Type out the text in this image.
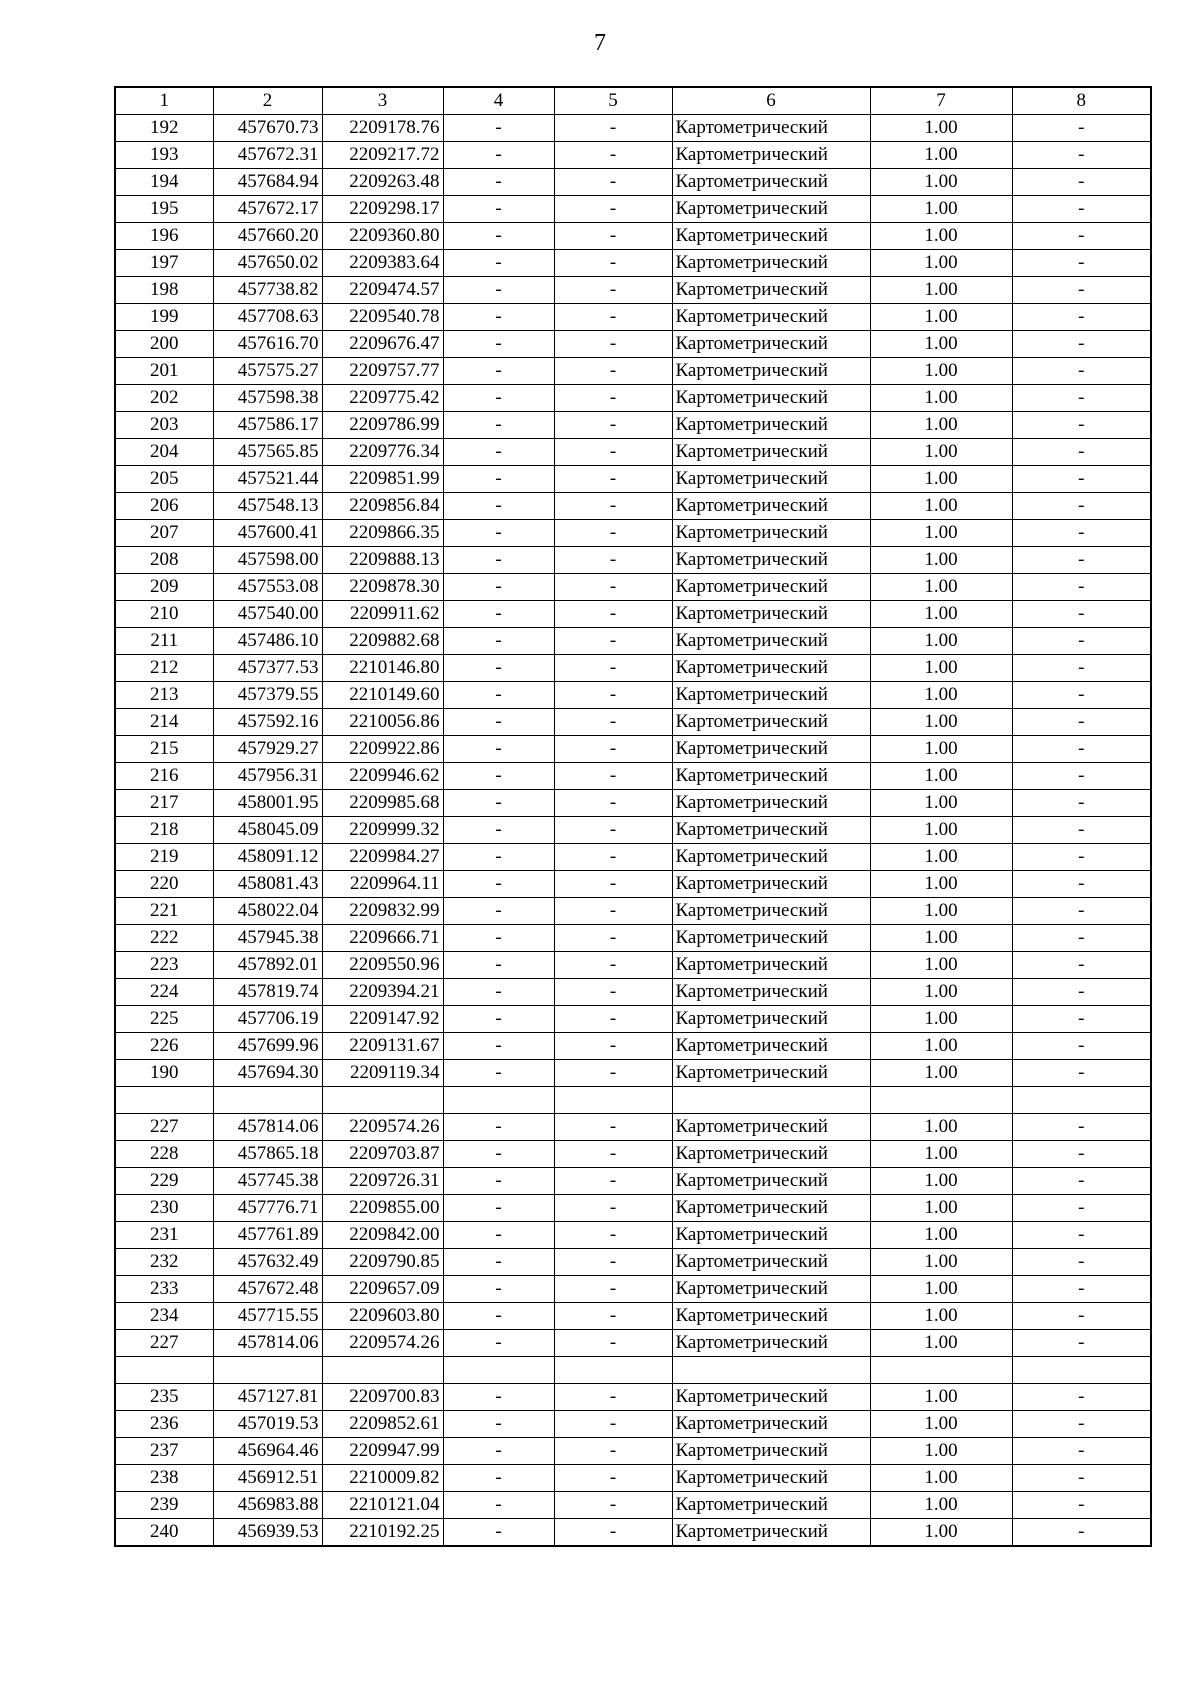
7
1	2	3	4	5	6	7	8
192	457670.73	2209178.76	-	-	Картометрический	1.00	-
193	457672.31	2209217.72	-	-	Картометрический	1.00	-
194	457684.94	2209263.48	-	-	Картометрический	1.00	-
195	457672.17	2209298.17	-	-	Картометрический	1.00	-
196	457660.20	2209360.80	-	-	Картометрический	1.00	-
197	457650.02	2209383.64	-	-	Картометрический	1.00	-
198	457738.82	2209474.57	-	-	Картометрический	1.00	-
199	457708.63	2209540.78	-	-	Картометрический	1.00	-
200	457616.70	2209676.47	-	-	Картометрический	1.00	-
201	457575.27	2209757.77	-	-	Картометрический	1.00	-
202	457598.38	2209775.42	-	-	Картометрический	1.00	-
203	457586.17	2209786.99	-	-	Картометрический	1.00	-
204	457565.85	2209776.34	-	-	Картометрический	1.00	-
205	457521.44	2209851.99	-	-	Картометрический	1.00	-
206	457548.13	2209856.84	-	-	Картометрический	1.00	-
207	457600.41	2209866.35	-	-	Картометрический	1.00	-
208	457598.00	2209888.13	-	-	Картометрический	1.00	-
209	457553.08	2209878.30	-	-	Картометрический	1.00	-
210	457540.00	2209911.62	-	-	Картометрический	1.00	-
211	457486.10	2209882.68	-	-	Картометрический	1.00	-
212	457377.53	2210146.80	-	-	Картометрический	1.00	-
213	457379.55	2210149.60	-	-	Картометрический	1.00	-
214	457592.16	2210056.86	-	-	Картометрический	1.00	-
215	457929.27	2209922.86	-	-	Картометрический	1.00	-
216	457956.31	2209946.62	-	-	Картометрический	1.00	-
217	458001.95	2209985.68	-	-	Картометрический	1.00	-
218	458045.09	2209999.32	-	-	Картометрический	1.00	-
219	458091.12	2209984.27	-	-	Картометрический	1.00	-
220	458081.43	2209964.11	-	-	Картометрический	1.00	-
221	458022.04	2209832.99	-	-	Картометрический	1.00	-
222	457945.38	2209666.71	-	-	Картометрический	1.00	-
223	457892.01	2209550.96	-	-	Картометрический	1.00	-
224	457819.74	2209394.21	-	-	Картометрический	1.00	-
225	457706.19	2209147.92	-	-	Картометрический	1.00	-
226	457699.96	2209131.67	-	-	Картометрический	1.00	-
190	457694.30	2209119.34	-	-	Картометрический	1.00	-

227	457814.06	2209574.26	-	-	Картометрический	1.00	-
228	457865.18	2209703.87	-	-	Картометрический	1.00	-
229	457745.38	2209726.31	-	-	Картометрический	1.00	-
230	457776.71	2209855.00	-	-	Картометрический	1.00	-
231	457761.89	2209842.00	-	-	Картометрический	1.00	-
232	457632.49	2209790.85	-	-	Картометрический	1.00	-
233	457672.48	2209657.09	-	-	Картометрический	1.00	-
234	457715.55	2209603.80	-	-	Картометрический	1.00	-
227	457814.06	2209574.26	-	-	Картометрический	1.00	-

235	457127.81	2209700.83	-	-	Картометрический	1.00	-
236	457019.53	2209852.61	-	-	Картометрический	1.00	-
237	456964.46	2209947.99	-	-	Картометрический	1.00	-
238	456912.51	2210009.82	-	-	Картометрический	1.00	-
239	456983.88	2210121.04	-	-	Картометрический	1.00	-
240	456939.53	2210192.25	-	-	Картометрический	1.00	-
